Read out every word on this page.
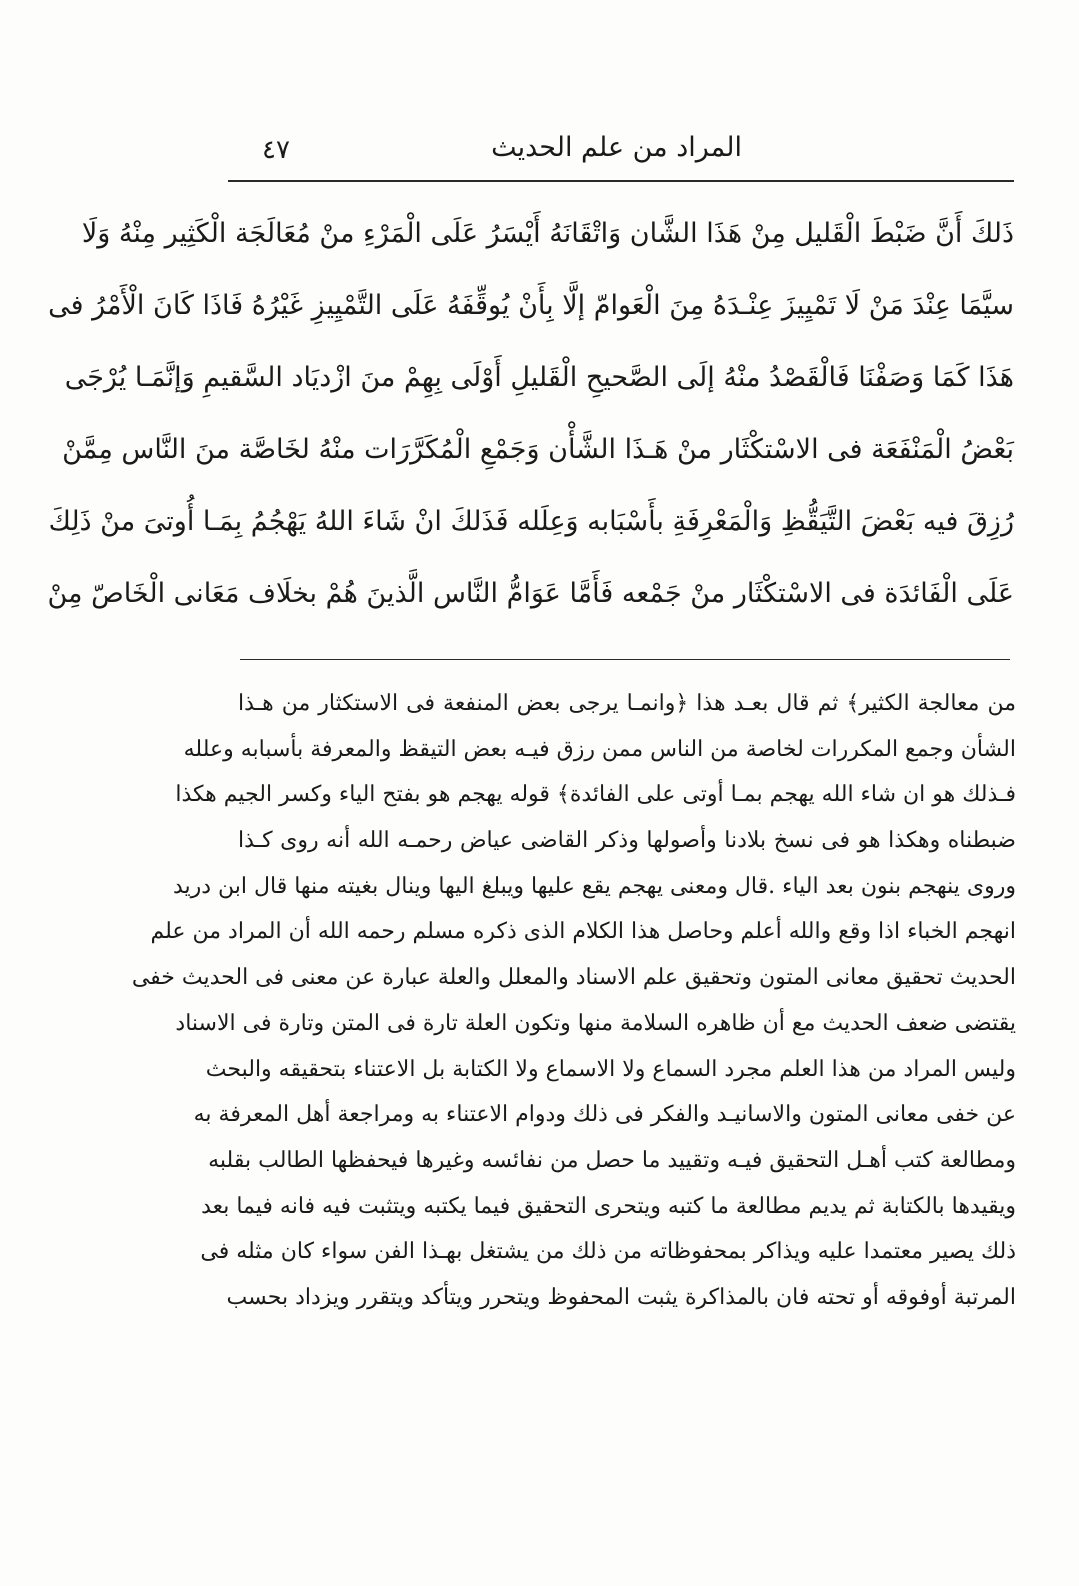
المراد من علم الحديث
٤٧
ذَلكَ أَنَّ ضَبْطَ الْقَليل مِنْ هَذَا الشَّان وَاتْقَانَهُ أَيْسَرُ عَلَى الْمَرْءِ منْ مُعَالَجَة الْكَثِير مِنْهُ وَلَا
سيَّمَا عِنْدَ مَنْ لَا تَمْيِيزَ عِنْـدَهُ مِنَ الْعَوامّ إلَّا بِأَنْ يُوقِّفَهُ عَلَى التَّمْيِيزِ غَيْرُهُ فَاذَا كَانَ الْأَمْرُ فى
هَذَا كَمَا وَصَفْنَا فَالْقَصْدُ منْهُ إلَى الصَّحيحِ الْقَليلِ أَوْلَى بِهِمْ منَ ازْديَاد السَّقيمِ وَإنَّمَـا يُرْجَى
بَعْضُ الْمَنْفَعَة فى الاسْتكْثَار منْ هَـذَا الشَّأْن وَجَمْعِ الْمُكَرَّرَات منْهُ لخَاصَّة منَ النَّاس مِمَّنْ
رُزِقَ فيه بَعْضَ التَّيَقُّظِ وَالْمَعْرِفَةِ بأَسْبَابه وَعِلَله فَذَلكَ انْ شَاءَ اللهُ يَهْجُمُ بِمَـا أُوتىَ منْ ذَلِكَ
عَلَى الْفَائدَة فى الاسْتكْثَار منْ جَمْعه فَأَمَّا عَوَامُّ النَّاس الَّذينَ هُمْ بخلَاف مَعَانى الْخَاصّ مِنْ
من معالجة الكثير﴾ ثم قال بعـد هذا ﴿وانمـا يرجى بعض المنفعة فى الاستكثار من هـذا
الشأن وجمع المكررات لخاصة من الناس ممن رزق فيـه بعض التيقظ والمعرفة بأسبابه وعلله
فـذلك هو ان شاء الله يهجم بمـا أوتى على الفائدة﴾ قوله يهجم هو بفتح الياء وكسر الجيم هكذا
ضبطناه وهكذا هو فى نسخ بلادنا وأصولها وذكر القاضى عياض رحمـه الله أنه روى كـذا
وروى ينهجم بنون بعد الياء .قال ومعنى يهجم يقع عليها ويبلغ اليها وينال بغيته منها قال ابن دريد
انهجم الخباء اذا وقع والله أعلم وحاصل هذا الكلام الذى ذكره مسلم رحمه الله أن المراد من علم
الحديث تحقيق معانى المتون وتحقيق علم الاسناد والمعلل والعلة عبارة عن معنى فى الحديث خفى
يقتضى ضعف الحديث مع أن ظاهره السلامة منها وتكون العلة تارة فى المتن وتارة فى الاسناد
وليس المراد من هذا العلم مجرد السماع ولا الاسماع ولا الكتابة بل الاعتناء بتحقيقه والبحث
عن خفى معانى المتون والاسانيـد والفكر فى ذلك ودوام الاعتناء به ومراجعة أهل المعرفة به
ومطالعة كتب أهـل التحقيق فيـه وتقييد ما حصل من نفائسه وغيرها فيحفظها الطالب بقلبه
ويقيدها بالكتابة ثم يديم مطالعة ما كتبه ويتحرى التحقيق فيما يكتبه ويتثبت فيه فانه فيما بعد
ذلك يصير معتمدا عليه ويذاكر بمحفوظاته من ذلك من يشتغل بهـذا الفن سواء كان مثله فى
المرتبة أوفوقه أو تحته فان بالمذاكرة يثبت المحفوظ ويتحرر ويتأكد ويتقرر ويزداد بحسب
